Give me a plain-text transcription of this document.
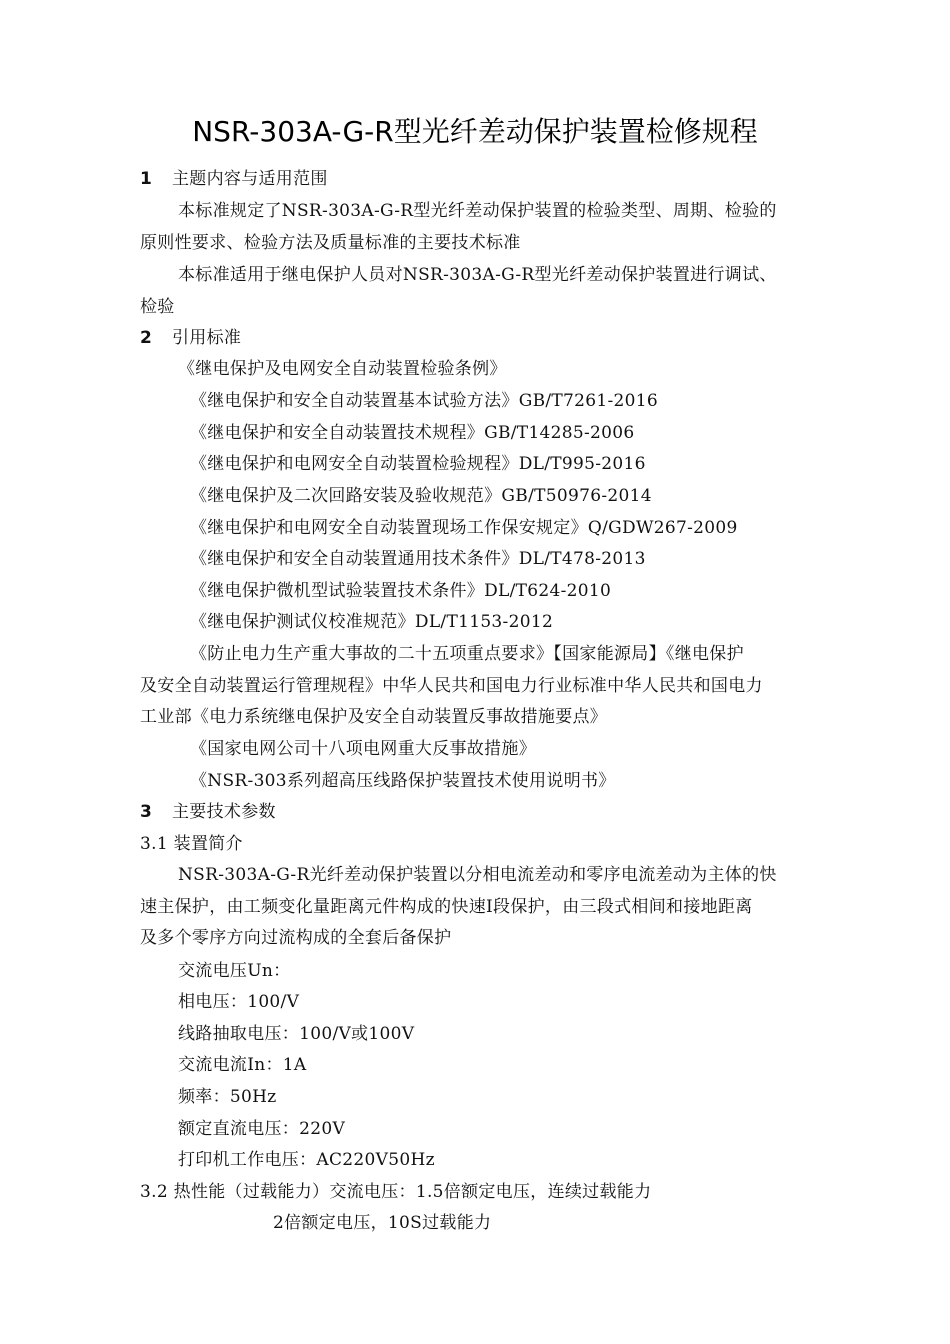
NSR-303A-G-R型光纤差动保护装置检修规程
1 主题内容与适用范围
本标准规定了NSR-303A-G-R型光纤差动保护装置的检验类型、周期、检验的
原则性要求、检验方法及质量标准的主要技术标准
本标准适用于继电保护人员对NSR-303A-G-R型光纤差动保护装置进行调试、
检验
2 引用标准
《继电保护及电网安全自动装置检验条例》
《继电保护和安全自动装置基本试验方法》GB/T7261-2016
《继电保护和安全自动装置技术规程》GB/T14285-2006
《继电保护和电网安全自动装置检验规程》DL/T995-2016
《继电保护及二次回路安装及验收规范》GB/T50976-2014
《继电保护和电网安全自动装置现场工作保安规定》Q/GDW267-2009
《继电保护和安全自动装置通用技术条件》DL/T478-2013
《继电保护微机型试验装置技术条件》DL/T624-2010
《继电保护测试仪校准规范》DL/T1153-2012
《防止电力生产重大事故的二十五项重点要求》【国家能源局】《继电保护
及安全自动装置运行管理规程》中华人民共和国电力行业标准中华人民共和国电力
工业部《电力系统继电保护及安全自动装置反事故措施要点》
《国家电网公司十八项电网重大反事故措施》
《NSR-303系列超高压线路保护装置技术使用说明书》
3 主要技术参数
3.1 装置简介
NSR-303A-G-R光纤差动保护装置以分相电流差动和零序电流差动为主体的快
速主保护，由工频变化量距离元件构成的快速Ⅰ段保护，由三段式相间和接地距离
及多个零序方向过流构成的全套后备保护
交流电压Un：
相电压：100/V
线路抽取电压：100/V或100V
交流电流In：1A
频率：50Hz
额定直流电压：220V
打印机工作电压：AC220V50Hz
3.2 热性能（过载能力）交流电压：1.5倍额定电压，连续过载能力
2倍额定电压，10S过载能力
